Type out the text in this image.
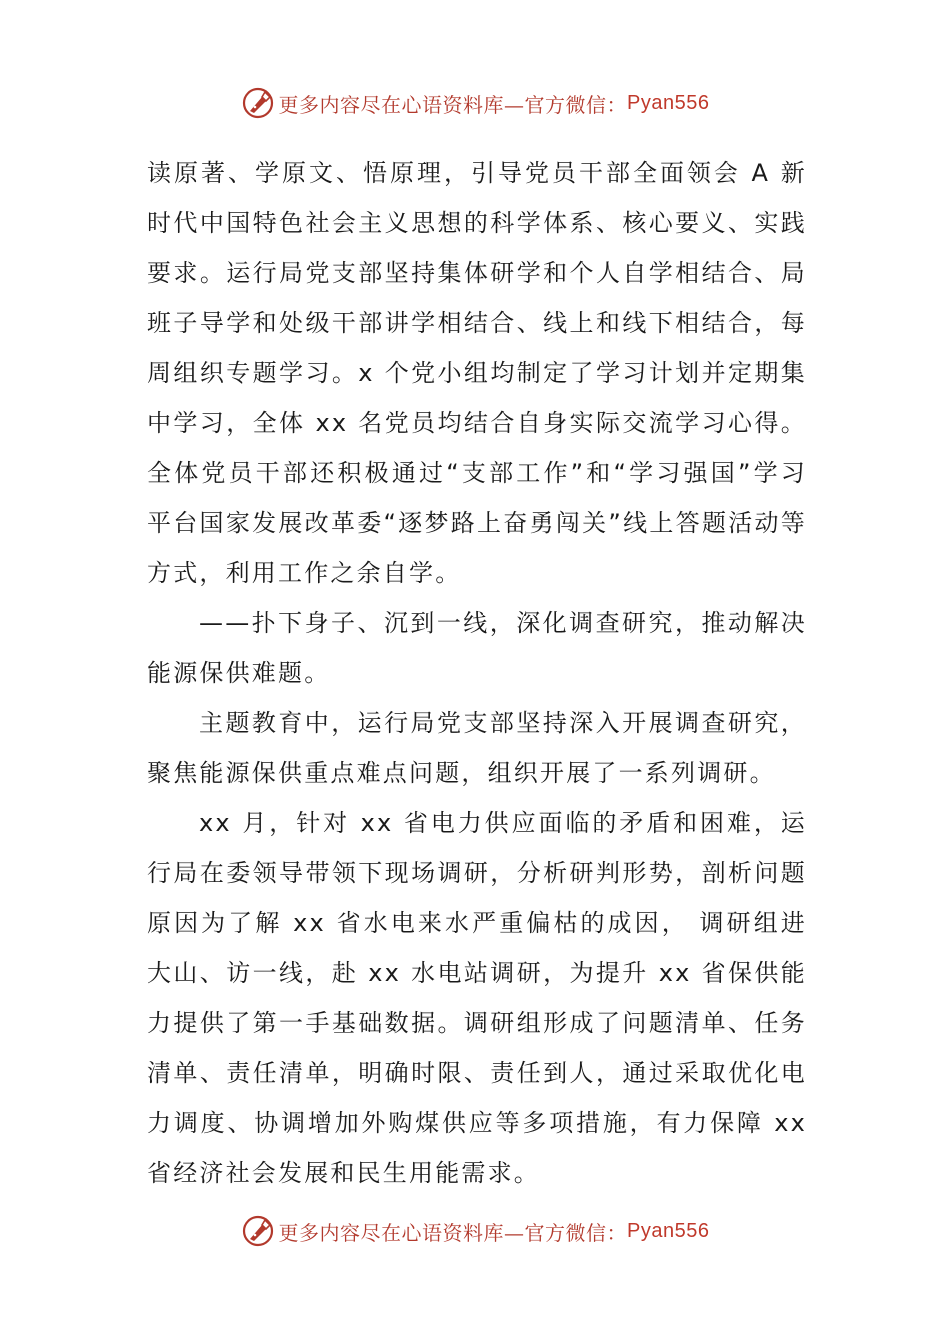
更多内容尽在心语资料库—官方微信： Pyan556

读原著、学原文、悟原理，引导党员干部全面领会 A 新时代中国特色社会主义思想的科学体系、核心要义、实践要求。运行局党支部坚持集体研学和个人自学相结合、局班子导学和处级干部讲学相结合、线上和线下相结合，每周组织专题学习。x 个党小组均制定了学习计划并定期集中学习，全体 xx 名党员均结合自身实际交流学习心得。全体党员干部还积极通过“支部工作”和“学习强国”学习平台国家发展改革委“逐梦路上奋勇闯关”线上答题活动等方式，利用工作之余自学。

——扑下身子、沉到一线，深化调查研究，推动解决能源保供难题。

主题教育中，运行局党支部坚持深入开展调查研究，聚焦能源保供重点难点问题，组织开展了一系列调研。

xx 月，针对 xx 省电力供应面临的矛盾和困难，运行局在委领导带领下现场调研，分析研判形势，剖析问题原因为了解 xx 省水电来水严重偏枯的成因， 调研组进大山、访一线，赴 xx 水电站调研，为提升 xx 省保供能力提供了第一手基础数据。调研组形成了问题清单、任务清单、责任清单，明确时限、责任到人，通过采取优化电力调度、协调增加外购煤供应等多项措施，有力保障 xx 省经济社会发展和民生用能需求。

更多内容尽在心语资料库—官方微信： Pyan556
